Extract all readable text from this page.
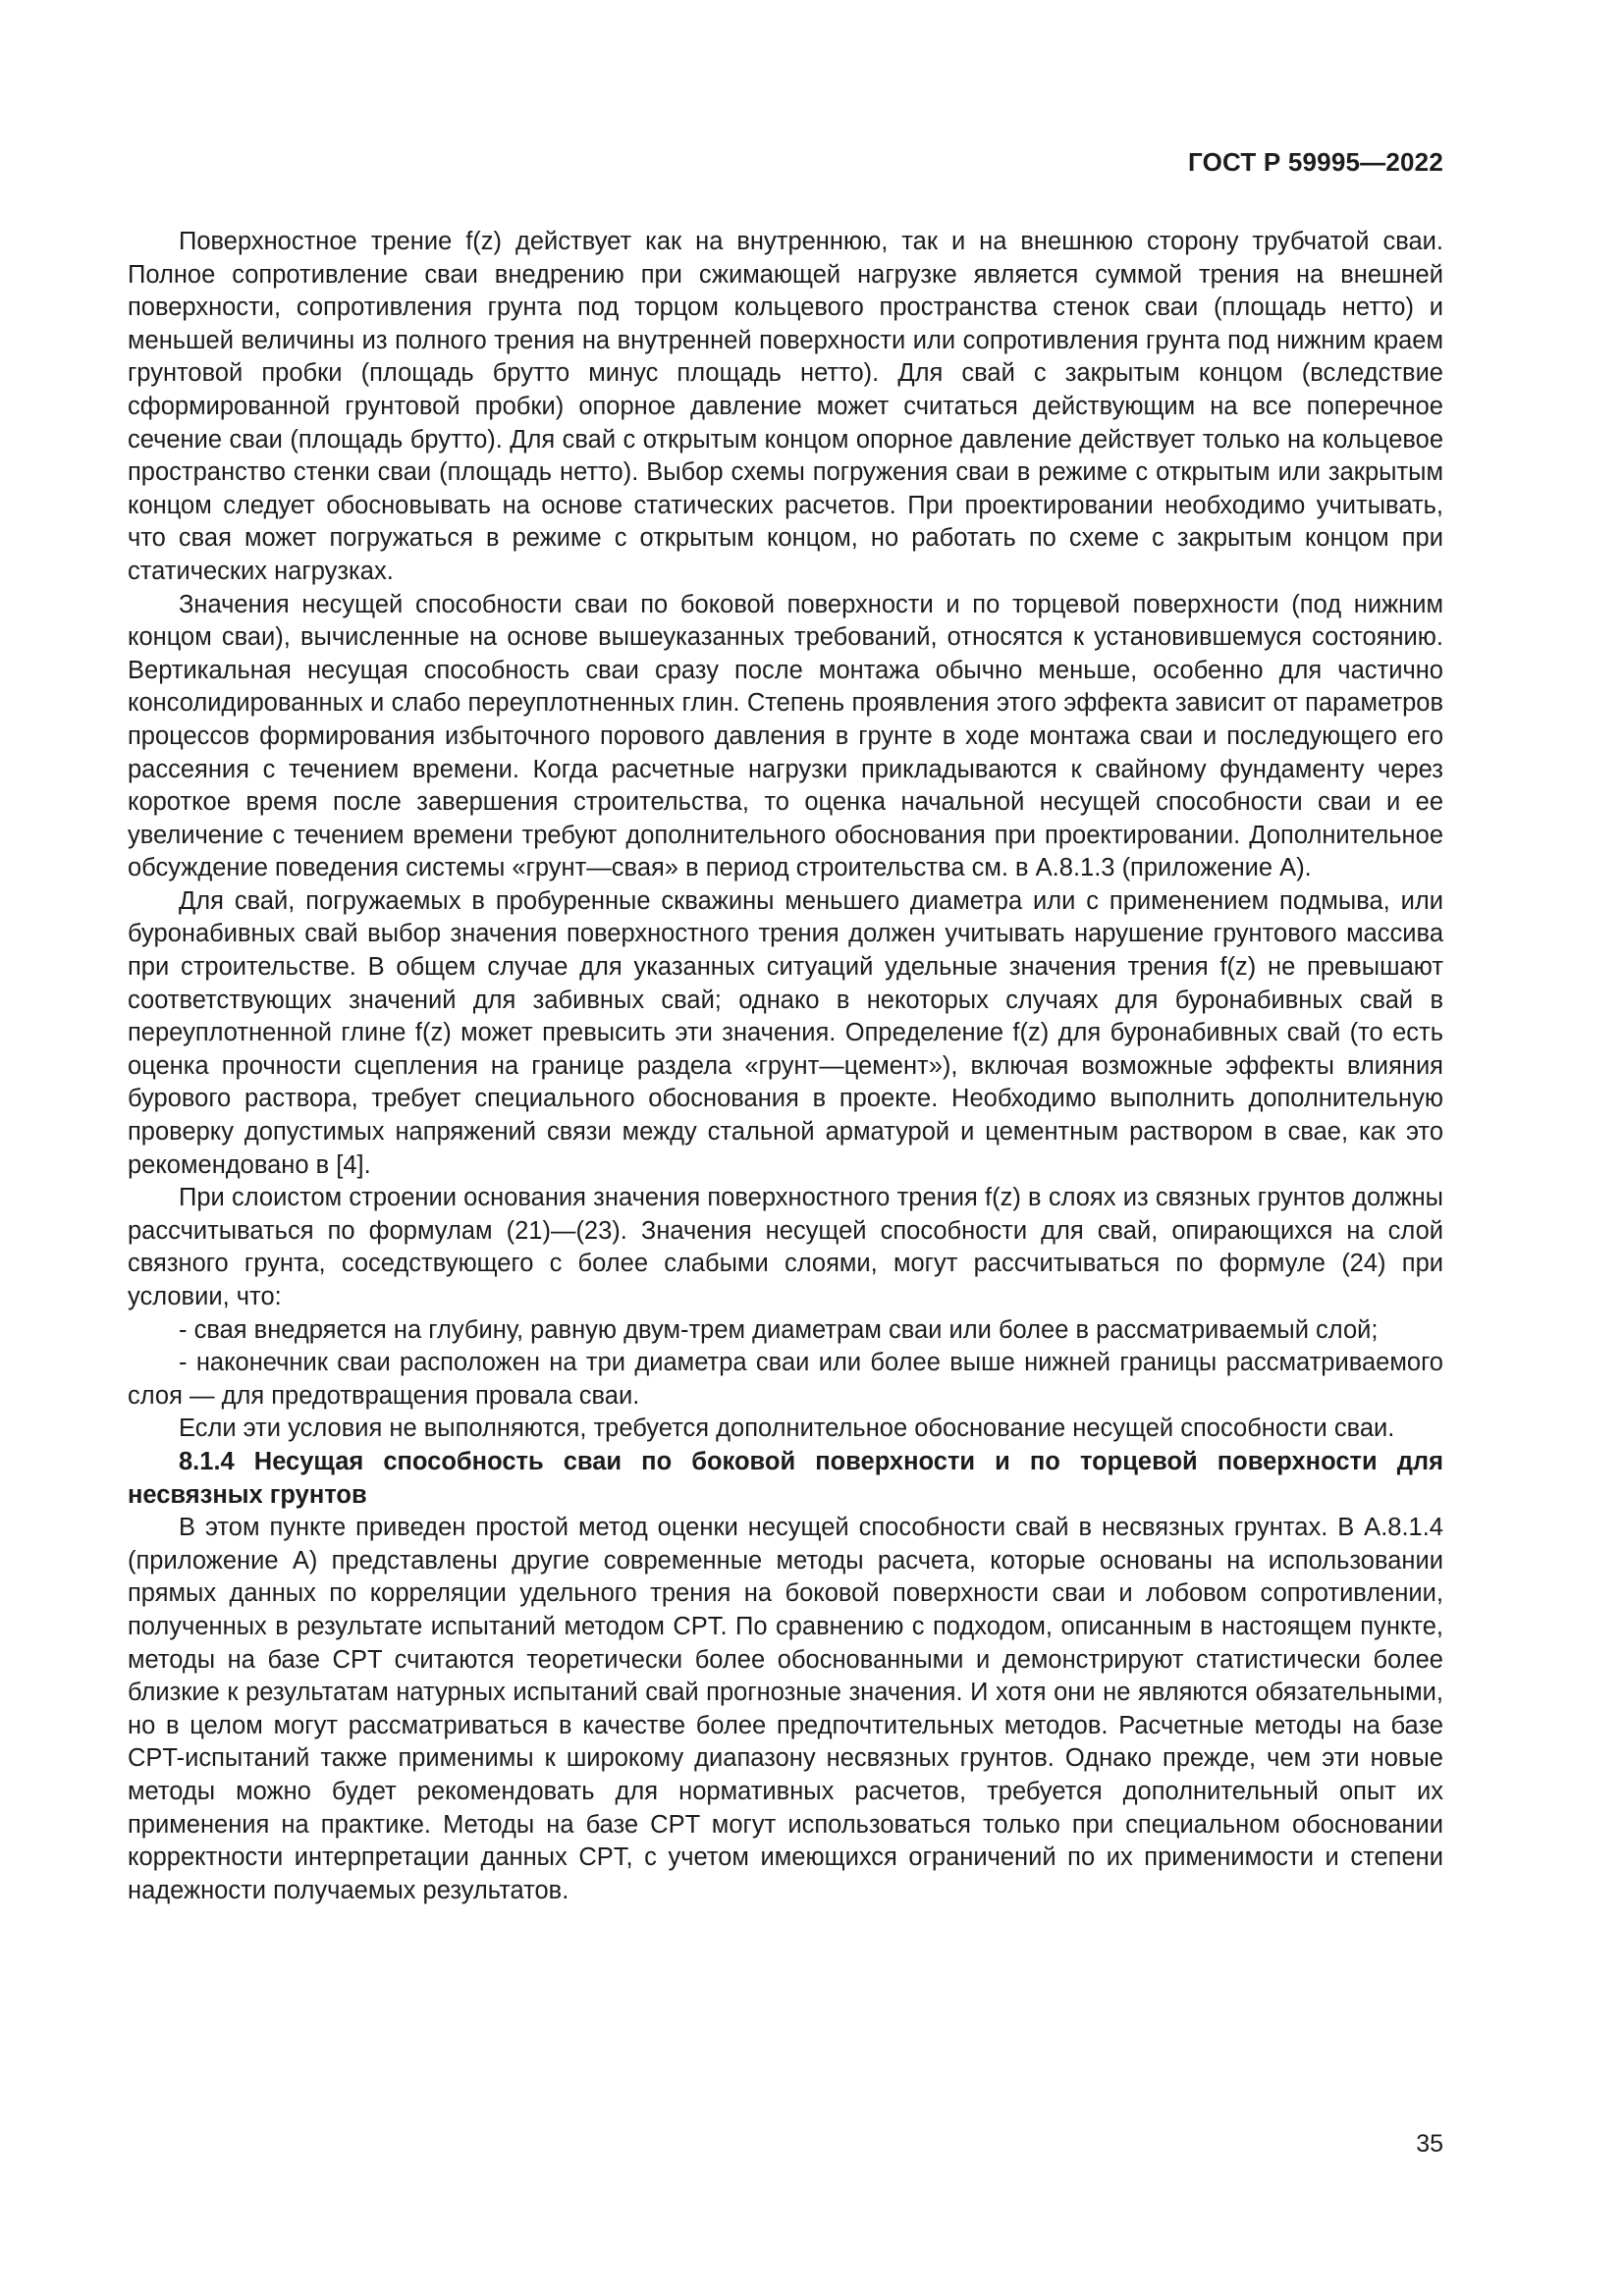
ГОСТ Р 59995—2022

Поверхностное трение f(z) действует как на внутреннюю, так и на внешнюю сторону трубчатой сваи. Полное сопротивление сваи внедрению при сжимающей нагрузке является суммой трения на внешней поверхности, сопротивления грунта под торцом кольцевого пространства стенок сваи (площадь нетто) и меньшей величины из полного трения на внутренней поверхности или сопротивления грунта под нижним краем грунтовой пробки (площадь брутто минус площадь нетто). Для свай с закрытым концом (вследствие сформированной грунтовой пробки) опорное давление может считаться действующим на все поперечное сечение сваи (площадь брутто). Для свай с открытым концом опорное давление действует только на кольцевое пространство стенки сваи (площадь нетто). Выбор схемы погружения сваи в режиме с открытым или закрытым концом следует обосновывать на основе статических расчетов. При проектировании необходимо учитывать, что свая может погружаться в режиме с открытым концом, но работать по схеме с закрытым концом при статических нагрузках.

Значения несущей способности сваи по боковой поверхности и по торцевой поверхности (под нижним концом сваи), вычисленные на основе вышеуказанных требований, относятся к установившемуся состоянию. Вертикальная несущая способность сваи сразу после монтажа обычно меньше, особенно для частично консолидированных и слабо переуплотненных глин. Степень проявления этого эффекта зависит от параметров процессов формирования избыточного порового давления в грунте в ходе монтажа сваи и последующего его рассеяния с течением времени. Когда расчетные нагрузки прикладываются к свайному фундаменту через короткое время после завершения строительства, то оценка начальной несущей способности сваи и ее увеличение с течением времени требуют дополнительного обоснования при проектировании. Дополнительное обсуждение поведения системы «грунт—свая» в период строительства см. в А.8.1.3 (приложение А).

Для свай, погружаемых в пробуренные скважины меньшего диаметра или с применением подмыва, или буронабивных свай выбор значения поверхностного трения должен учитывать нарушение грунтового массива при строительстве. В общем случае для указанных ситуаций удельные значения трения f(z) не превышают соответствующих значений для забивных свай; однако в некоторых случаях для буронабивных свай в переуплотненной глине f(z) может превысить эти значения. Определение f(z) для буронабивных свай (то есть оценка прочности сцепления на границе раздела «грунт—цемент»), включая возможные эффекты влияния бурового раствора, требует специального обоснования в проекте. Необходимо выполнить дополнительную проверку допустимых напряжений связи между стальной арматурой и цементным раствором в свае, как это рекомендовано в [4].

При слоистом строении основания значения поверхностного трения f(z) в слоях из связных грунтов должны рассчитываться по формулам (21)—(23). Значения несущей способности для свай, опирающихся на слой связного грунта, соседствующего с более слабыми слоями, могут рассчитываться по формуле (24) при условии, что:

- свая внедряется на глубину, равную двум-трем диаметрам сваи или более в рассматриваемый слой;

- наконечник сваи расположен на три диаметра сваи или более выше нижней границы рассматриваемого слоя — для предотвращения провала сваи.

Если эти условия не выполняются, требуется дополнительное обоснование несущей способности сваи.

8.1.4 Несущая способность сваи по боковой поверхности и по торцевой поверхности для несвязных грунтов

В этом пункте приведен простой метод оценки несущей способности свай в несвязных грунтах. В А.8.1.4 (приложение А) представлены другие современные методы расчета, которые основаны на использовании прямых данных по корреляции удельного трения на боковой поверхности сваи и лобовом сопротивлении, полученных в результате испытаний методом CPT. По сравнению с подходом, описанным в настоящем пункте, методы на базе CPT считаются теоретически более обоснованными и демонстрируют статистически более близкие к результатам натурных испытаний свай прогнозные значения. И хотя они не являются обязательными, но в целом могут рассматриваться в качестве более предпочтительных методов. Расчетные методы на базе CPT-испытаний также применимы к широкому диапазону несвязных грунтов. Однако прежде, чем эти новые методы можно будет рекомендовать для нормативных расчетов, требуется дополнительный опыт их применения на практике. Методы на базе CPT могут использоваться только при специальном обосновании корректности интерпретации данных CPT, с учетом имеющихся ограничений по их применимости и степени надежности получаемых результатов.

35
